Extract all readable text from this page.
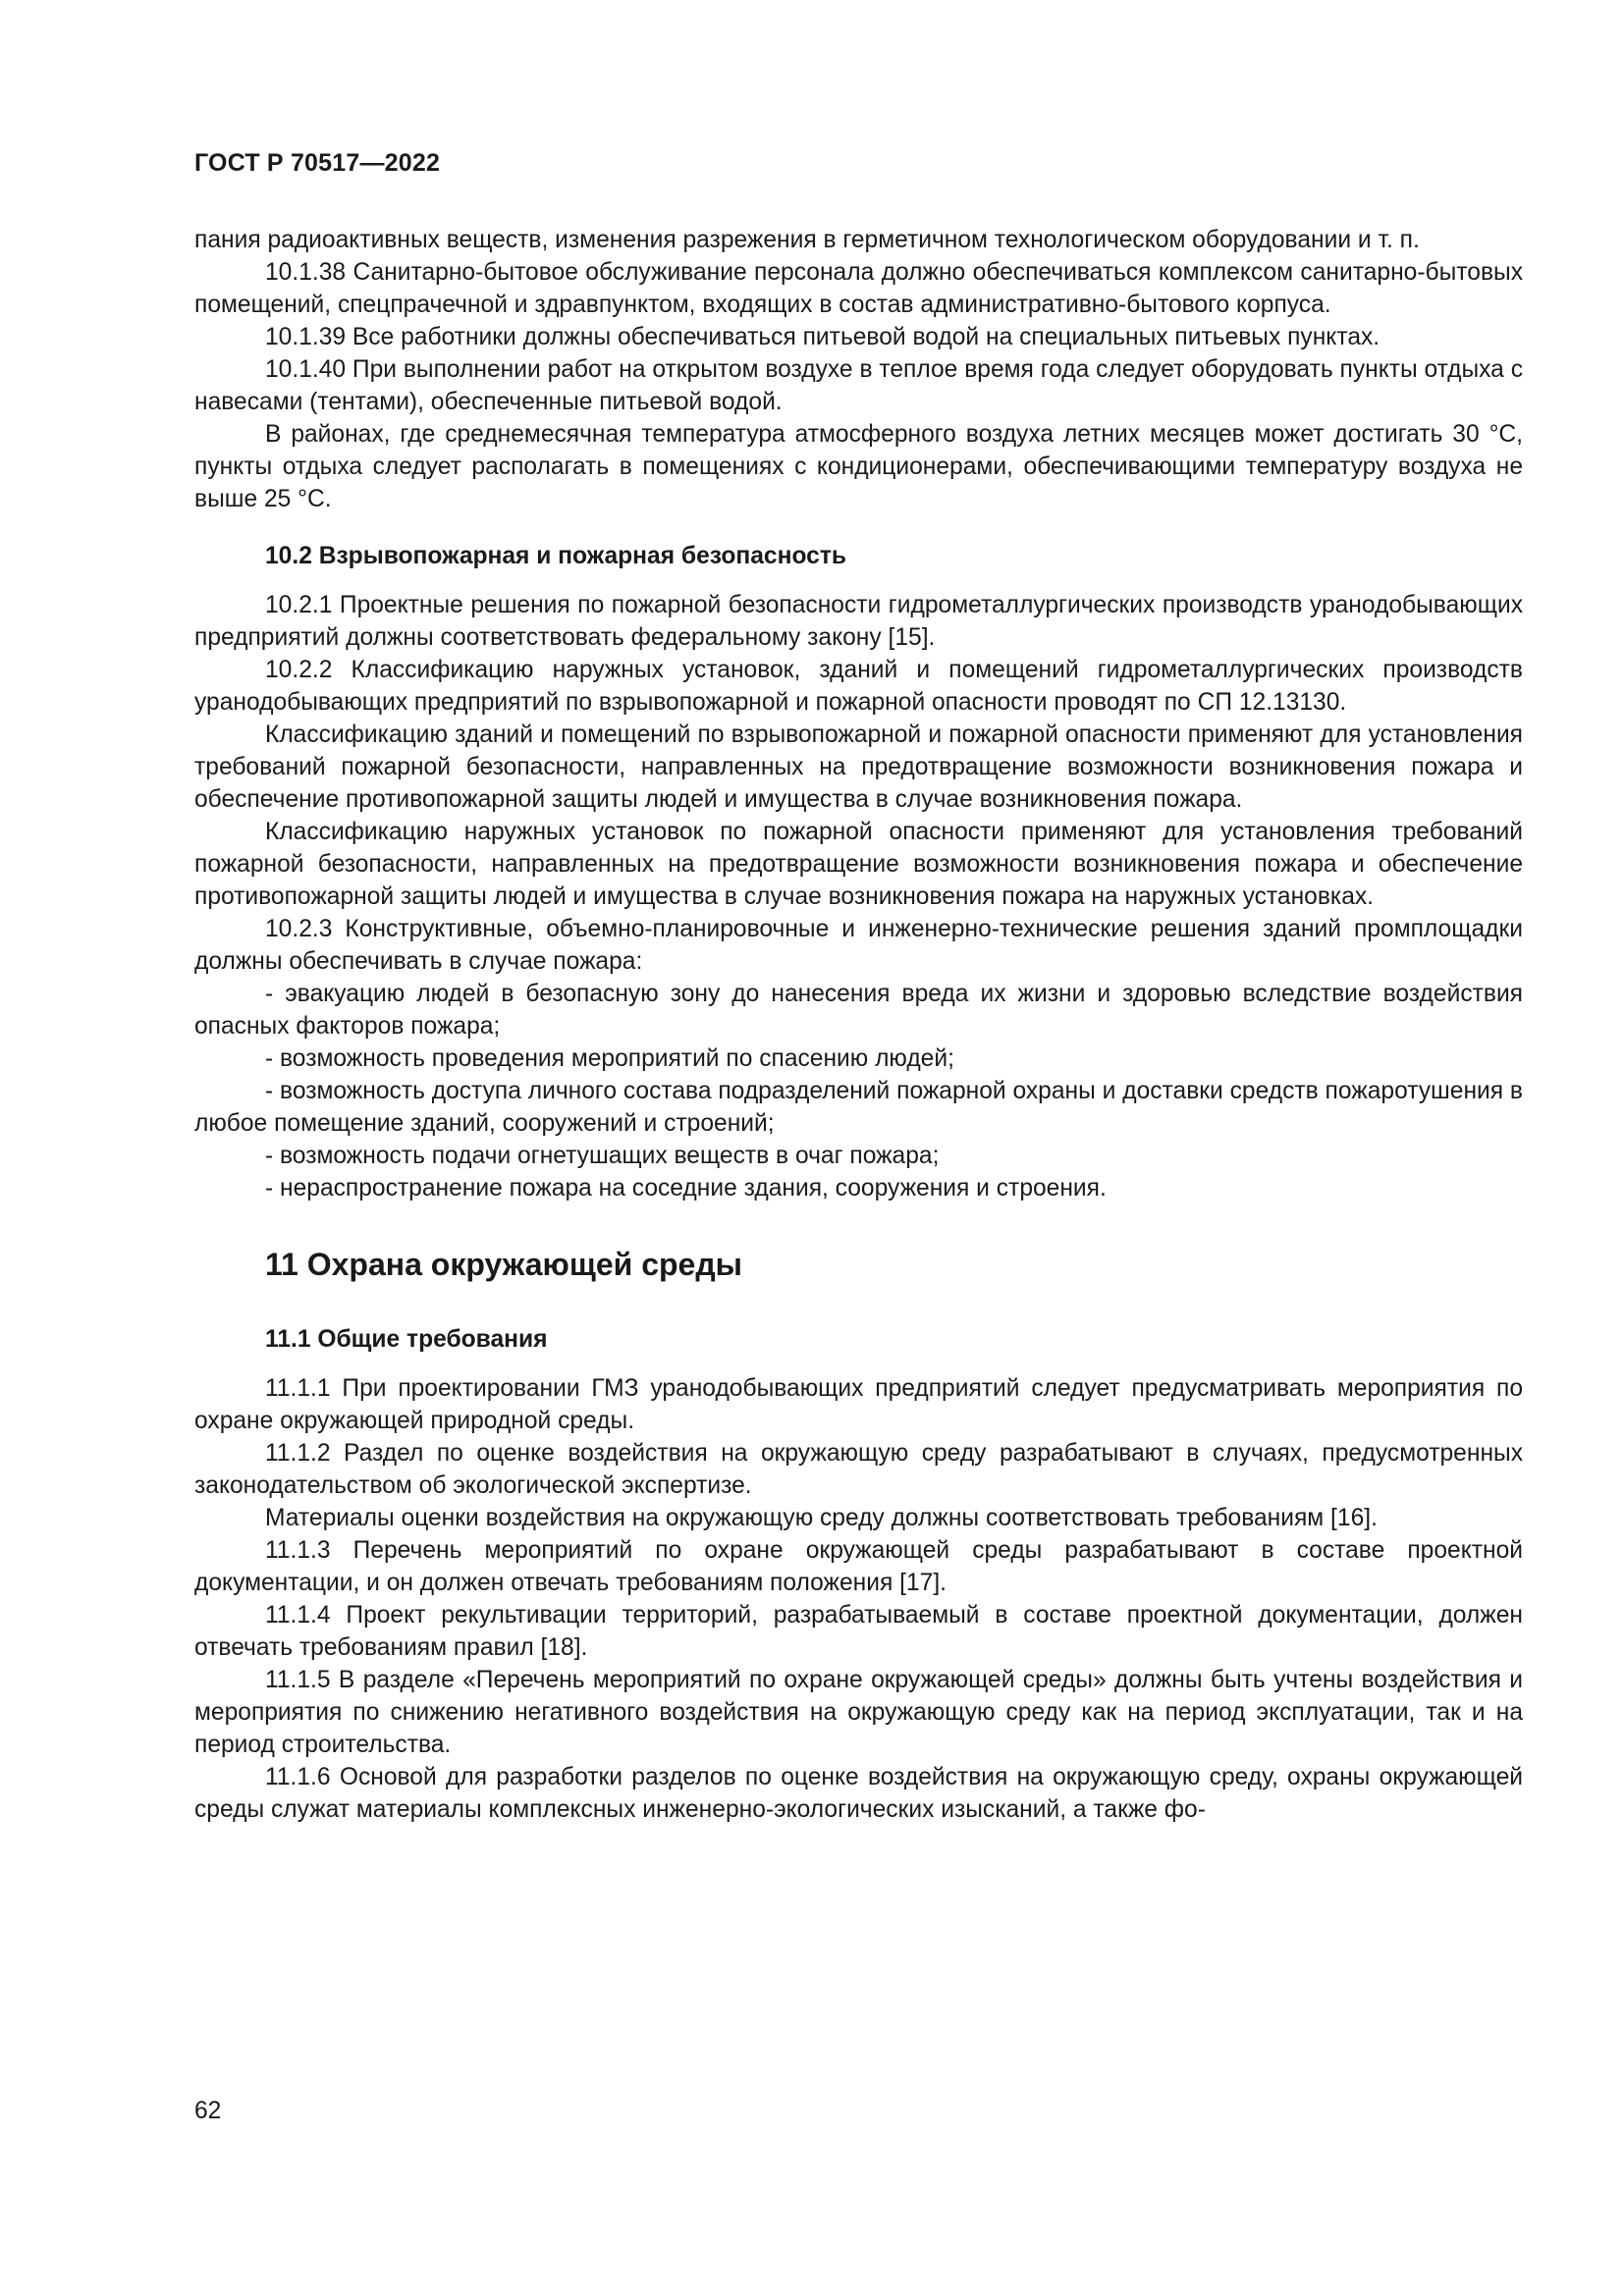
ГОСТ Р 70517—2022

пания радиоактивных веществ, изменения разрежения в герметичном технологическом оборудовании и т. п.

10.1.38 Санитарно-бытовое обслуживание персонала должно обеспечиваться комплексом санитарно-бытовых помещений, спецпрачечной и здравпунктом, входящих в состав административно-бытового корпуса.

10.1.39 Все работники должны обеспечиваться питьевой водой на специальных питьевых пунктах.

10.1.40 При выполнении работ на открытом воздухе в теплое время года следует оборудовать пункты отдыха с навесами (тентами), обеспеченные питьевой водой.

В районах, где среднемесячная температура атмосферного воздуха летних месяцев может достигать 30 °С, пункты отдыха следует располагать в помещениях с кондиционерами, обеспечивающими температуру воздуха не выше 25 °С.

10.2 Взрывопожарная и пожарная безопасность

10.2.1 Проектные решения по пожарной безопасности гидрометаллургических производств уранодобывающих предприятий должны соответствовать федеральному закону [15].

10.2.2 Классификацию наружных установок, зданий и помещений гидрометаллургических производств уранодобывающих предприятий по взрывопожарной и пожарной опасности проводят по СП 12.13130.

Классификацию зданий и помещений по взрывопожарной и пожарной опасности применяют для установления требований пожарной безопасности, направленных на предотвращение возможности возникновения пожара и обеспечение противопожарной защиты людей и имущества в случае возникновения пожара.

Классификацию наружных установок по пожарной опасности применяют для установления требований пожарной безопасности, направленных на предотвращение возможности возникновения пожара и обеспечение противопожарной защиты людей и имущества в случае возникновения пожара на наружных установках.

10.2.3 Конструктивные, объемно-планировочные и инженерно-технические решения зданий промплощадки должны обеспечивать в случае пожара:

- эвакуацию людей в безопасную зону до нанесения вреда их жизни и здоровью вследствие воздействия опасных факторов пожара;

- возможность проведения мероприятий по спасению людей;

- возможность доступа личного состава подразделений пожарной охраны и доставки средств пожаротушения в любое помещение зданий, сооружений и строений;

- возможность подачи огнетушащих веществ в очаг пожара;

- нераспространение пожара на соседние здания, сооружения и строения.

11 Охрана окружающей среды
11.1 Общие требования

11.1.1 При проектировании ГМЗ уранодобывающих предприятий следует предусматривать мероприятия по охране окружающей природной среды.

11.1.2 Раздел по оценке воздействия на окружающую среду разрабатывают в случаях, предусмотренных законодательством об экологической экспертизе.

Материалы оценки воздействия на окружающую среду должны соответствовать требованиям [16].

11.1.3 Перечень мероприятий по охране окружающей среды разрабатывают в составе проектной документации, и он должен отвечать требованиям положения [17].

11.1.4 Проект рекультивации территорий, разрабатываемый в составе проектной документации, должен отвечать требованиям правил [18].

11.1.5 В разделе «Перечень мероприятий по охране окружающей среды» должны быть учтены воздействия и мероприятия по снижению негативного воздействия на окружающую среду как на период эксплуатации, так и на период строительства.

11.1.6 Основой для разработки разделов по оценке воздействия на окружающую среду, охраны окружающей среды служат материалы комплексных инженерно-экологических изысканий, а также фо-

62
